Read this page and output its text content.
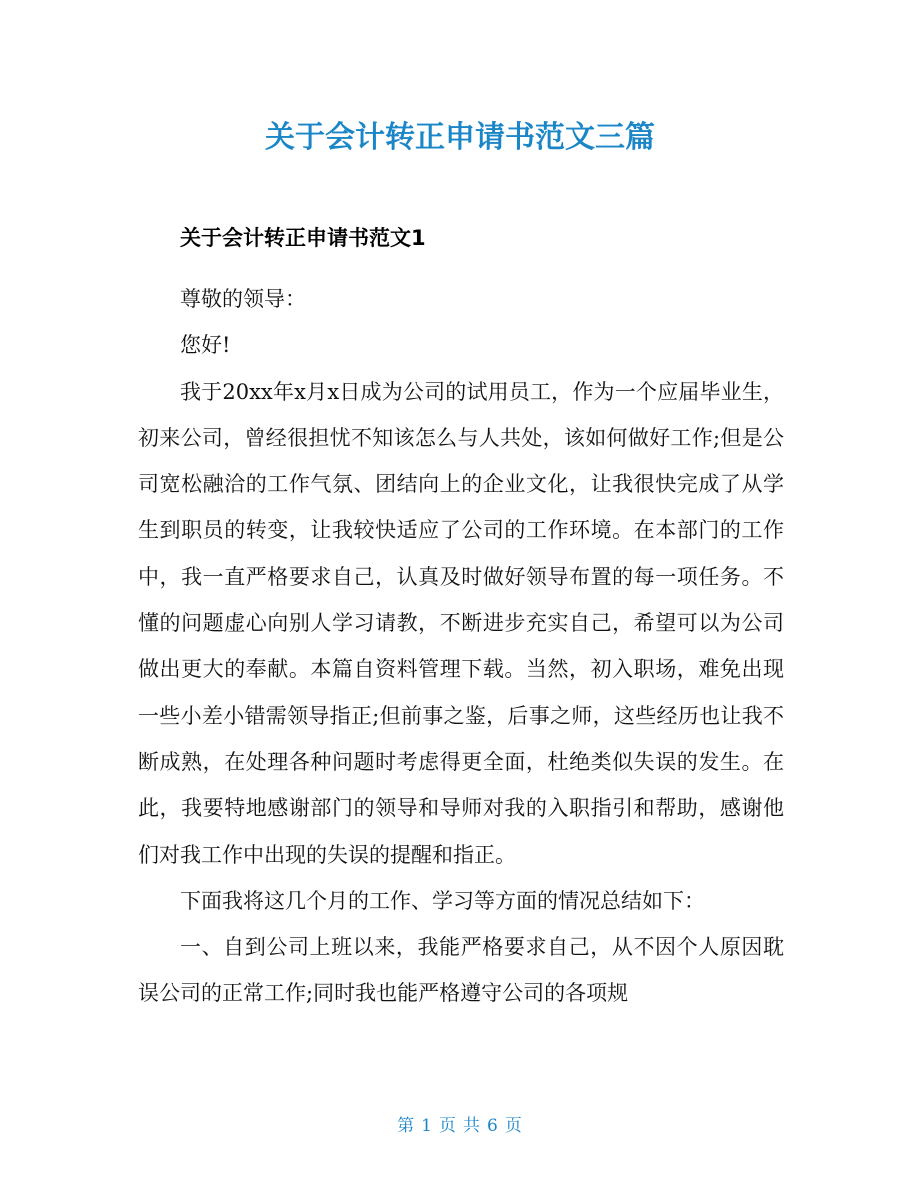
关于会计转正申请书范文三篇
关于会计转正申请书范文1

尊敬的领导：

您好!

我于20xx年x月x日成为公司的试用员工，作为一个应届毕业生，初来公司，曾经很担忧不知该怎么与人共处，该如何做好工作;但是公司宽松融洽的工作气氛、团结向上的企业文化，让我很快完成了从学生到职员的转变，让我较快适应了公司的工作环境。在本部门的工作中，我一直严格要求自己，认真及时做好领导布置的每一项任务。不懂的问题虚心向别人学习请教，不断进步充实自己，希望可以为公司做出更大的奉献。本篇自资料管理下载。当然，初入职场，难免出现一些小差小错需领导指正;但前事之鉴，后事之师，这些经历也让我不断成熟，在处理各种问题时考虑得更全面，杜绝类似失误的发生。在此，我要特地感谢部门的领导和导师对我的入职指引和帮助，感谢他们对我工作中出现的失误的提醒和指正。

下面我将这几个月的工作、学习等方面的情况总结如下：

一、自到公司上班以来，我能严格要求自己，从不因个人原因耽误公司的正常工作;同时我也能严格遵守公司的各项规

第 1 页 共 6 页
